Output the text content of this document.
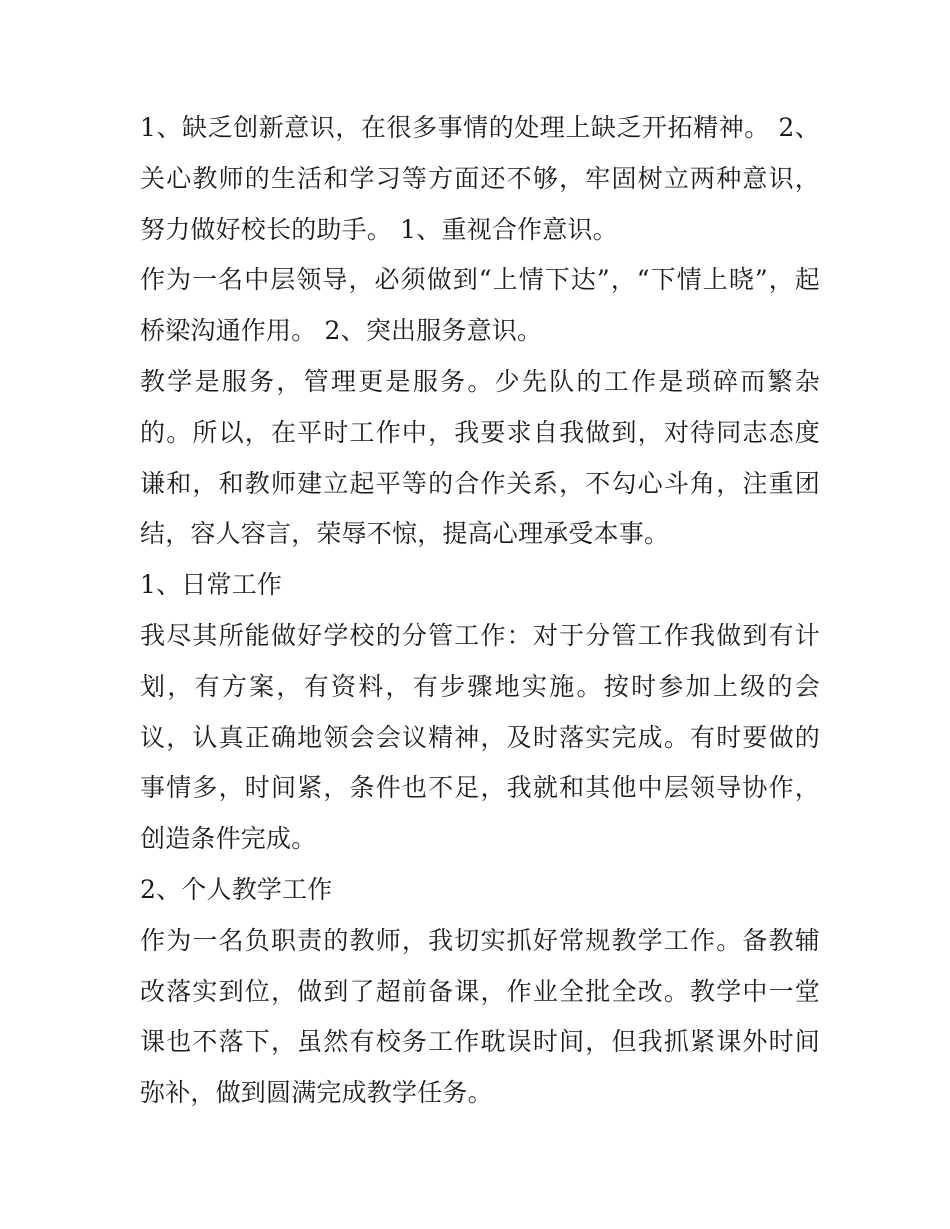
1、缺乏创新意识，在很多事情的处理上缺乏开拓精神。 2、关心教师的生活和学习等方面还不够，牢固树立两种意识，努力做好校长的助手。 1、重视合作意识。

作为一名中层领导，必须做到“上情下达”，“下情上晓”，起桥梁沟通作用。 2、突出服务意识。

教学是服务，管理更是服务。少先队的工作是琐碎而繁杂的。所以，在平时工作中，我要求自我做到，对待同志态度谦和，和教师建立起平等的合作关系，不勾心斗角，注重团结，容人容言，荣辱不惊，提高心理承受本事。

1、日常工作

我尽其所能做好学校的分管工作：对于分管工作我做到有计划，有方案，有资料，有步骤地实施。按时参加上级的会议，认真正确地领会会议精神，及时落实完成。有时要做的事情多，时间紧，条件也不足，我就和其他中层领导协作，创造条件完成。

2、个人教学工作

作为一名负职责的教师，我切实抓好常规教学工作。备教辅改落实到位，做到了超前备课，作业全批全改。教学中一堂课也不落下，虽然有校务工作耽误时间，但我抓紧课外时间弥补，做到圆满完成教学任务。
